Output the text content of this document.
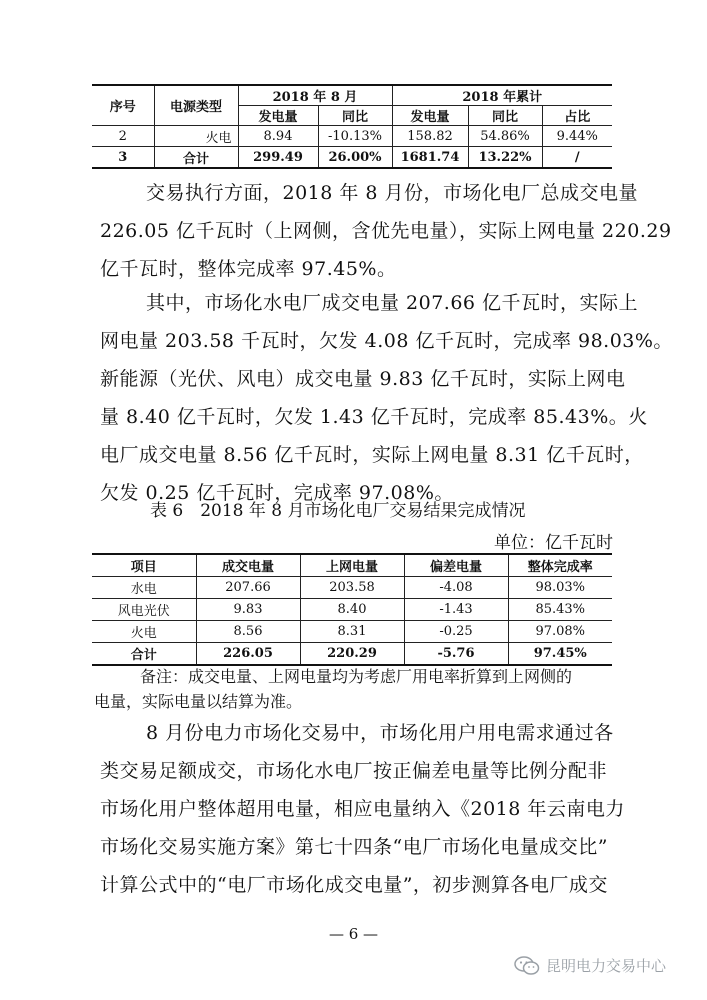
序号	电源类型	2018 年 8 月		2018 年累计		
		发电量	同比	发电量	同比	占比
2	火电	8.94	-10.13%	158.82	54.86%	9.44%
3	合计	299.49	26.00%	1681.74	13.22%	/
交易执行方面，2018 年 8 月份，市场化电厂总成交电量
226.05 亿千瓦时（上网侧，含优先电量），实际上网电量 220.29
亿千瓦时，整体完成率 97.45%。
其中，市场化水电厂成交电量 207.66 亿千瓦时，实际上
网电量 203.58 千瓦时，欠发 4.08 亿千瓦时，完成率 98.03%。
新能源（光伏、风电）成交电量 9.83 亿千瓦时，实际上网电
量 8.40 亿千瓦时，欠发 1.43 亿千瓦时，完成率 85.43%。火
电厂成交电量 8.56 亿千瓦时，实际上网电量 8.31 亿千瓦时，
欠发 0.25 亿千瓦时，完成率 97.08%。
表 6　2018 年 8 月市场化电厂交易结果完成情况
单位：亿千瓦时
项目	成交电量	上网电量	偏差电量	整体完成率
水电	207.66	203.58	-4.08	98.03%
风电光伏	9.83	8.40	-1.43	85.43%
火电	8.56	8.31	-0.25	97.08%
合计	226.05	220.29	-5.76	97.45%
备注：成交电量、上网电量均为考虑厂用电率折算到上网侧的
电量，实际电量以结算为准。
8 月份电力市场化交易中，市场化用户用电需求通过各
类交易足额成交，市场化水电厂按正偏差电量等比例分配非
市场化用户整体超用电量，相应电量纳入《2018 年云南电力
市场化交易实施方案》第七十四条“电厂市场化电量成交比”
计算公式中的“电厂市场化成交电量”，初步测算各电厂成交
— 6 —
昆明电力交易中心
